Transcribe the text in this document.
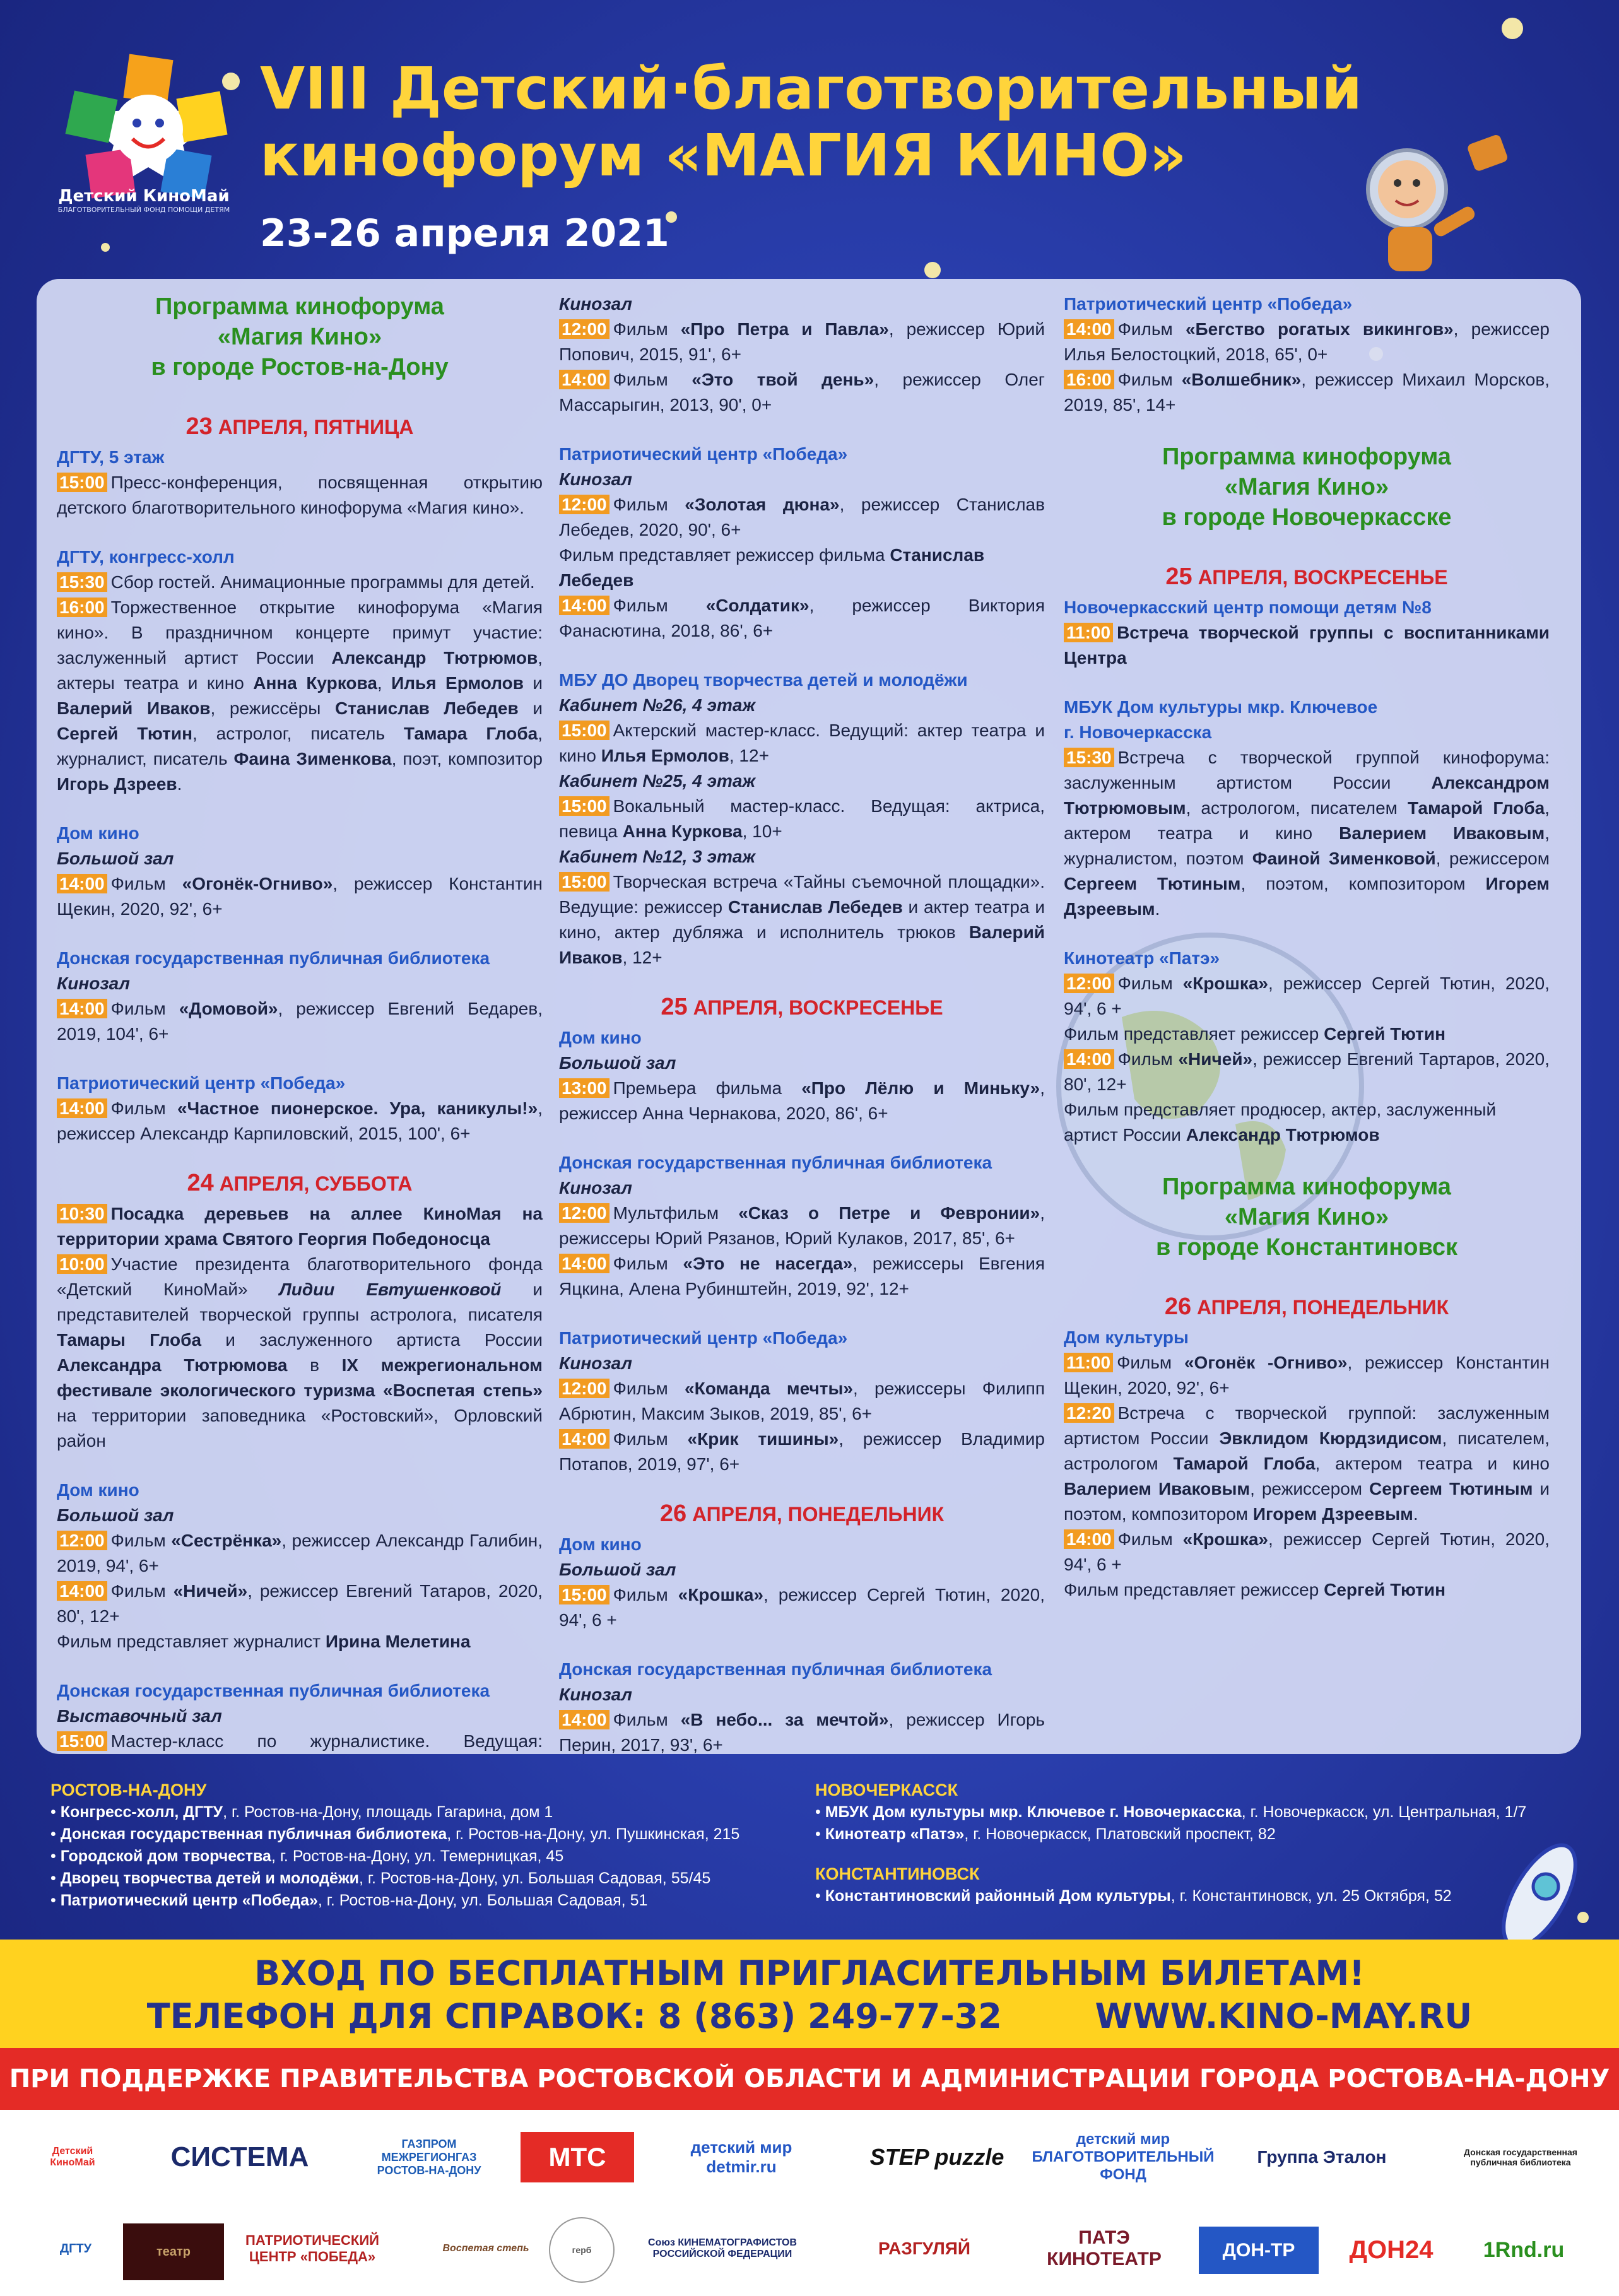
Детский КиноМай
БЛАГОТВОРИТЕЛЬНЫЙ ФОНД ПОМОЩИ ДЕТЯМ
VIII Детский·благотворительный
кинофорум «МАГИЯ КИНО»
23-26 апреля 2021
Программа кинофорума
«Магия Кино»
в городе Ростов-на-Дону
23 АПРЕЛЯ, ПЯТНИЦА

ДГТУ, 5 этаж

15:00 Пресс-конференция, посвященная открытию детского благотворительного кинофорума «Магия кино».

ДГТУ, конгресс-холл

15:30 Сбор гостей. Анимационные программы для детей.

16:00 Торжественное открытие кинофорума «Магия кино». В праздничном концерте примут участие: заслуженный артист России Александр Тютрюмов, актеры театра и кино Анна Куркова, Илья Ермолов и Валерий Иваков, режиссёры Станислав Лебедев и Сергей Тютин, астролог, писатель Тамара Глоба, журналист, писатель Фаина Зименкова, поэт, композитор Игорь Дзреев.

Дом кино

Большой зал

14:00 Фильм «Огонёк-Огниво», режиссер Константин Щекин, 2020, 92', 6+

Донская государственная публичная библиотека

Кинозал

14:00 Фильм «Домовой», режиссер Евгений Бедарев, 2019, 104', 6+

Патриотический центр «Победа»

14:00 Фильм «Частное пионерское. Ура, каникулы!», режиссер Александр Карпиловский, 2015, 100', 6+

24 АПРЕЛЯ, СУББОТА

10:30 Посадка деревьев на аллее КиноМая на территории храма Святого Георгия Победоносца

10:00 Участие президента благотворительного фонда «Детский КиноМай» Лидии Евтушенковой и представителей творческой группы астролога, писателя Тамары Глоба и заслуженного артиста России Александра Тютрюмова в IX межрегиональном фестивале экологического туризма «Воспетая степь» на территории заповедника «Ростовский», Орловский район

Дом кино

Большой зал

12:00 Фильм «Сестрёнка», режиссер Александр Галибин, 2019, 94', 6+

14:00 Фильм «Ничей», режиссер Евгений Татаров, 2020, 80', 12+

Фильм представляет журналист Ирина Мелетина

Донская государственная публичная библиотека

Выставочный зал

15:00 Мастер-класс по журналистике. Ведущая:

Кинозал

12:00 Фильм «Про Петра и Павла», режиссер Юрий Попович, 2015, 91', 6+

14:00 Фильм «Это твой день», режиссер Олег Массарыгин, 2013, 90', 0+

Патриотический центр «Победа»

Кинозал

12:00 Фильм «Золотая дюна», режиссер Станислав Лебедев, 2020, 90', 6+

Фильм представляет режиссер фильма Станислав Лебедев

14:00 Фильм «Солдатик», режиссер Виктория Фанасютина, 2018, 86', 6+

МБУ ДО Дворец творчества детей и молодёжи

Кабинет №26, 4 этаж

15:00 Актерский мастер-класс. Ведущий: актер театра и кино Илья Ермолов, 12+

Кабинет №25, 4 этаж

15:00 Вокальный мастер-класс. Ведущая: актриса, певица Анна Куркова, 10+

Кабинет №12, 3 этаж

15:00 Творческая встреча «Тайны съемочной площадки». Ведущие: режиссер Станислав Лебедев и актер театра и кино, актер дубляжа и исполнитель трюков Валерий Иваков, 12+

25 АПРЕЛЯ, ВОСКРЕСЕНЬЕ

Дом кино

Большой зал

13:00 Премьера фильма «Про Лёлю и Миньку», режиссер Анна Чернакова, 2020, 86', 6+

Донская государственная публичная библиотека

Кинозал

12:00 Мультфильм «Сказ о Петре и Февронии», режиссеры Юрий Рязанов, Юрий Кулаков, 2017, 85', 6+

14:00 Фильм «Это не насегда», режиссеры Евгения Яцкина, Алена Рубинштейн, 2019, 92', 12+

Патриотический центр «Победа»

Кинозал

12:00 Фильм «Команда мечты», режиссеры Филипп Абрютин, Максим Зыков, 2019, 85', 6+

14:00 Фильм «Крик тишины», режиссер Владимир Потапов, 2019, 97', 6+

26 АПРЕЛЯ, ПОНЕДЕЛЬНИК

Дом кино

Большой зал

15:00 Фильм «Крошка», режиссер Сергей Тютин, 2020, 94', 6 +

Донская государственная публичная библиотека

Кинозал

14:00 Фильм «В небо... за мечтой», режиссер Игорь Перин, 2017, 93', 6+

Патриотический центр «Победа»

14:00 Фильм «Бегство рогатых викингов», режиссер Илья Белостоцкий, 2018, 65', 0+

16:00 Фильм «Волшебник», режиссер Михаил Морсков, 2019, 85', 14+

Программа кинофорума
«Магия Кино»
в городе Новочеркасске
25 АПРЕЛЯ, ВОСКРЕСЕНЬЕ

Новочеркасский центр помощи детям №8

11:00 Встреча творческой группы с воспитанниками Центра

МБУК Дом культуры мкр. Ключевое

г. Новочеркасска

15:30 Встреча с творческой группой кинофорума: заслуженным артистом России Александром Тютрюмовым, астрологом, писателем Тамарой Глоба, актером театра и кино Валерием Иваковым, журналистом, поэтом Фаиной Зименковой, режиссером Сергеем Тютиным, поэтом, композитором Игорем Дзреевым.

Кинотеатр «Патэ»

12:00 Фильм «Крошка», режиссер Сергей Тютин, 2020, 94', 6 +

Фильм представляет режиссер Сергей Тютин

14:00 Фильм «Ничей», режиссер Евгений Тартаров, 2020, 80', 12+

Фильм представляет продюсер, актер, заслуженный артист России Александр Тютрюмов

Программа кинофорума
«Магия Кино»
в городе Константиновск
26 АПРЕЛЯ, ПОНЕДЕЛЬНИК

Дом культуры

11:00 Фильм «Огонёк -Огниво», режиссер Константин Щекин, 2020, 92', 6+

12:20 Встреча с творческой группой: заслуженным артистом России Эвклидом Кюрдзидисом, писателем, астрологом Тамарой Глоба, актером театра и кино Валерием Иваковым, режиссером Сергеем Тютиным и поэтом, композитором Игорем Дзреевым.

14:00 Фильм «Крошка», режиссер Сергей Тютин, 2020, 94', 6 +

Фильм представляет режиссер Сергей Тютин

РОСТОВ-НА-ДОНУ
• Конгресс-холл, ДГТУ, г. Ростов-на-Дону, площадь Гагарина, дом 1
• Донская государственная публичная библиотека, г. Ростов-на-Дону, ул. Пушкинская, 215
• Городской дом творчества, г. Ростов-на-Дону, ул. Темерницкая, 45
• Дворец творчества детей и молодёжи, г. Ростов-на-Дону, ул. Большая Садовая, 55/45
• Патриотический центр «Победа», г. Ростов-на-Дону, ул. Большая Садовая, 51
НОВОЧЕРКАССК
• МБУК Дом культуры мкр. Ключевое г. Новочеркасска, г. Новочеркасск, ул. Центральная, 1/7
• Кинотеатр «Патэ», г. Новочеркасск, Платовский проспект, 82
КОНСТАНТИНОВСК
• Константиновский районный Дом культуры, г. Константиновск, ул. 25 Октября, 52
ВХОД ПО БЕСПЛАТНЫМ ПРИГЛАСИТЕЛЬНЫМ БИЛЕТАМ!
ТЕЛЕФОН ДЛЯ СПРАВОК: 8 (863) 249-77-32	WWW.KINO-MAY.RU
ПРИ ПОДДЕРЖКЕ ПРАВИТЕЛЬСТВА РОСТОВСКОЙ ОБЛАСТИ И АДМИНИСТРАЦИИ ГОРОДА РОСТОВА-НА-ДОНУ
Детский КиноМай	СИСТЕМА	ГАЗПРОМ МЕЖРЕГИОНГАЗ РОСТОВ-НА-ДОНУ	МТС	детский мир detmir.ru	STEP puzzle
детский мир БЛАГОТВОРИТЕЛЬНЫЙ ФОНД
Группа Эталон	Донская государственная публичная библиотека
ДГТУ	театр
ПАТРИОТИЧЕСКИЙ ЦЕНТР «ПОБЕДА»
Воспетая степь	герб
Союз КИНЕМАТОГРАФИСТОВ РОССИЙСКОЙ ФЕДЕРАЦИИ	РАЗГУЛЯЙ
ПАТЭ КИНОТЕАТР	ДОН-ТР	ДОН24	1Rnd.ru
